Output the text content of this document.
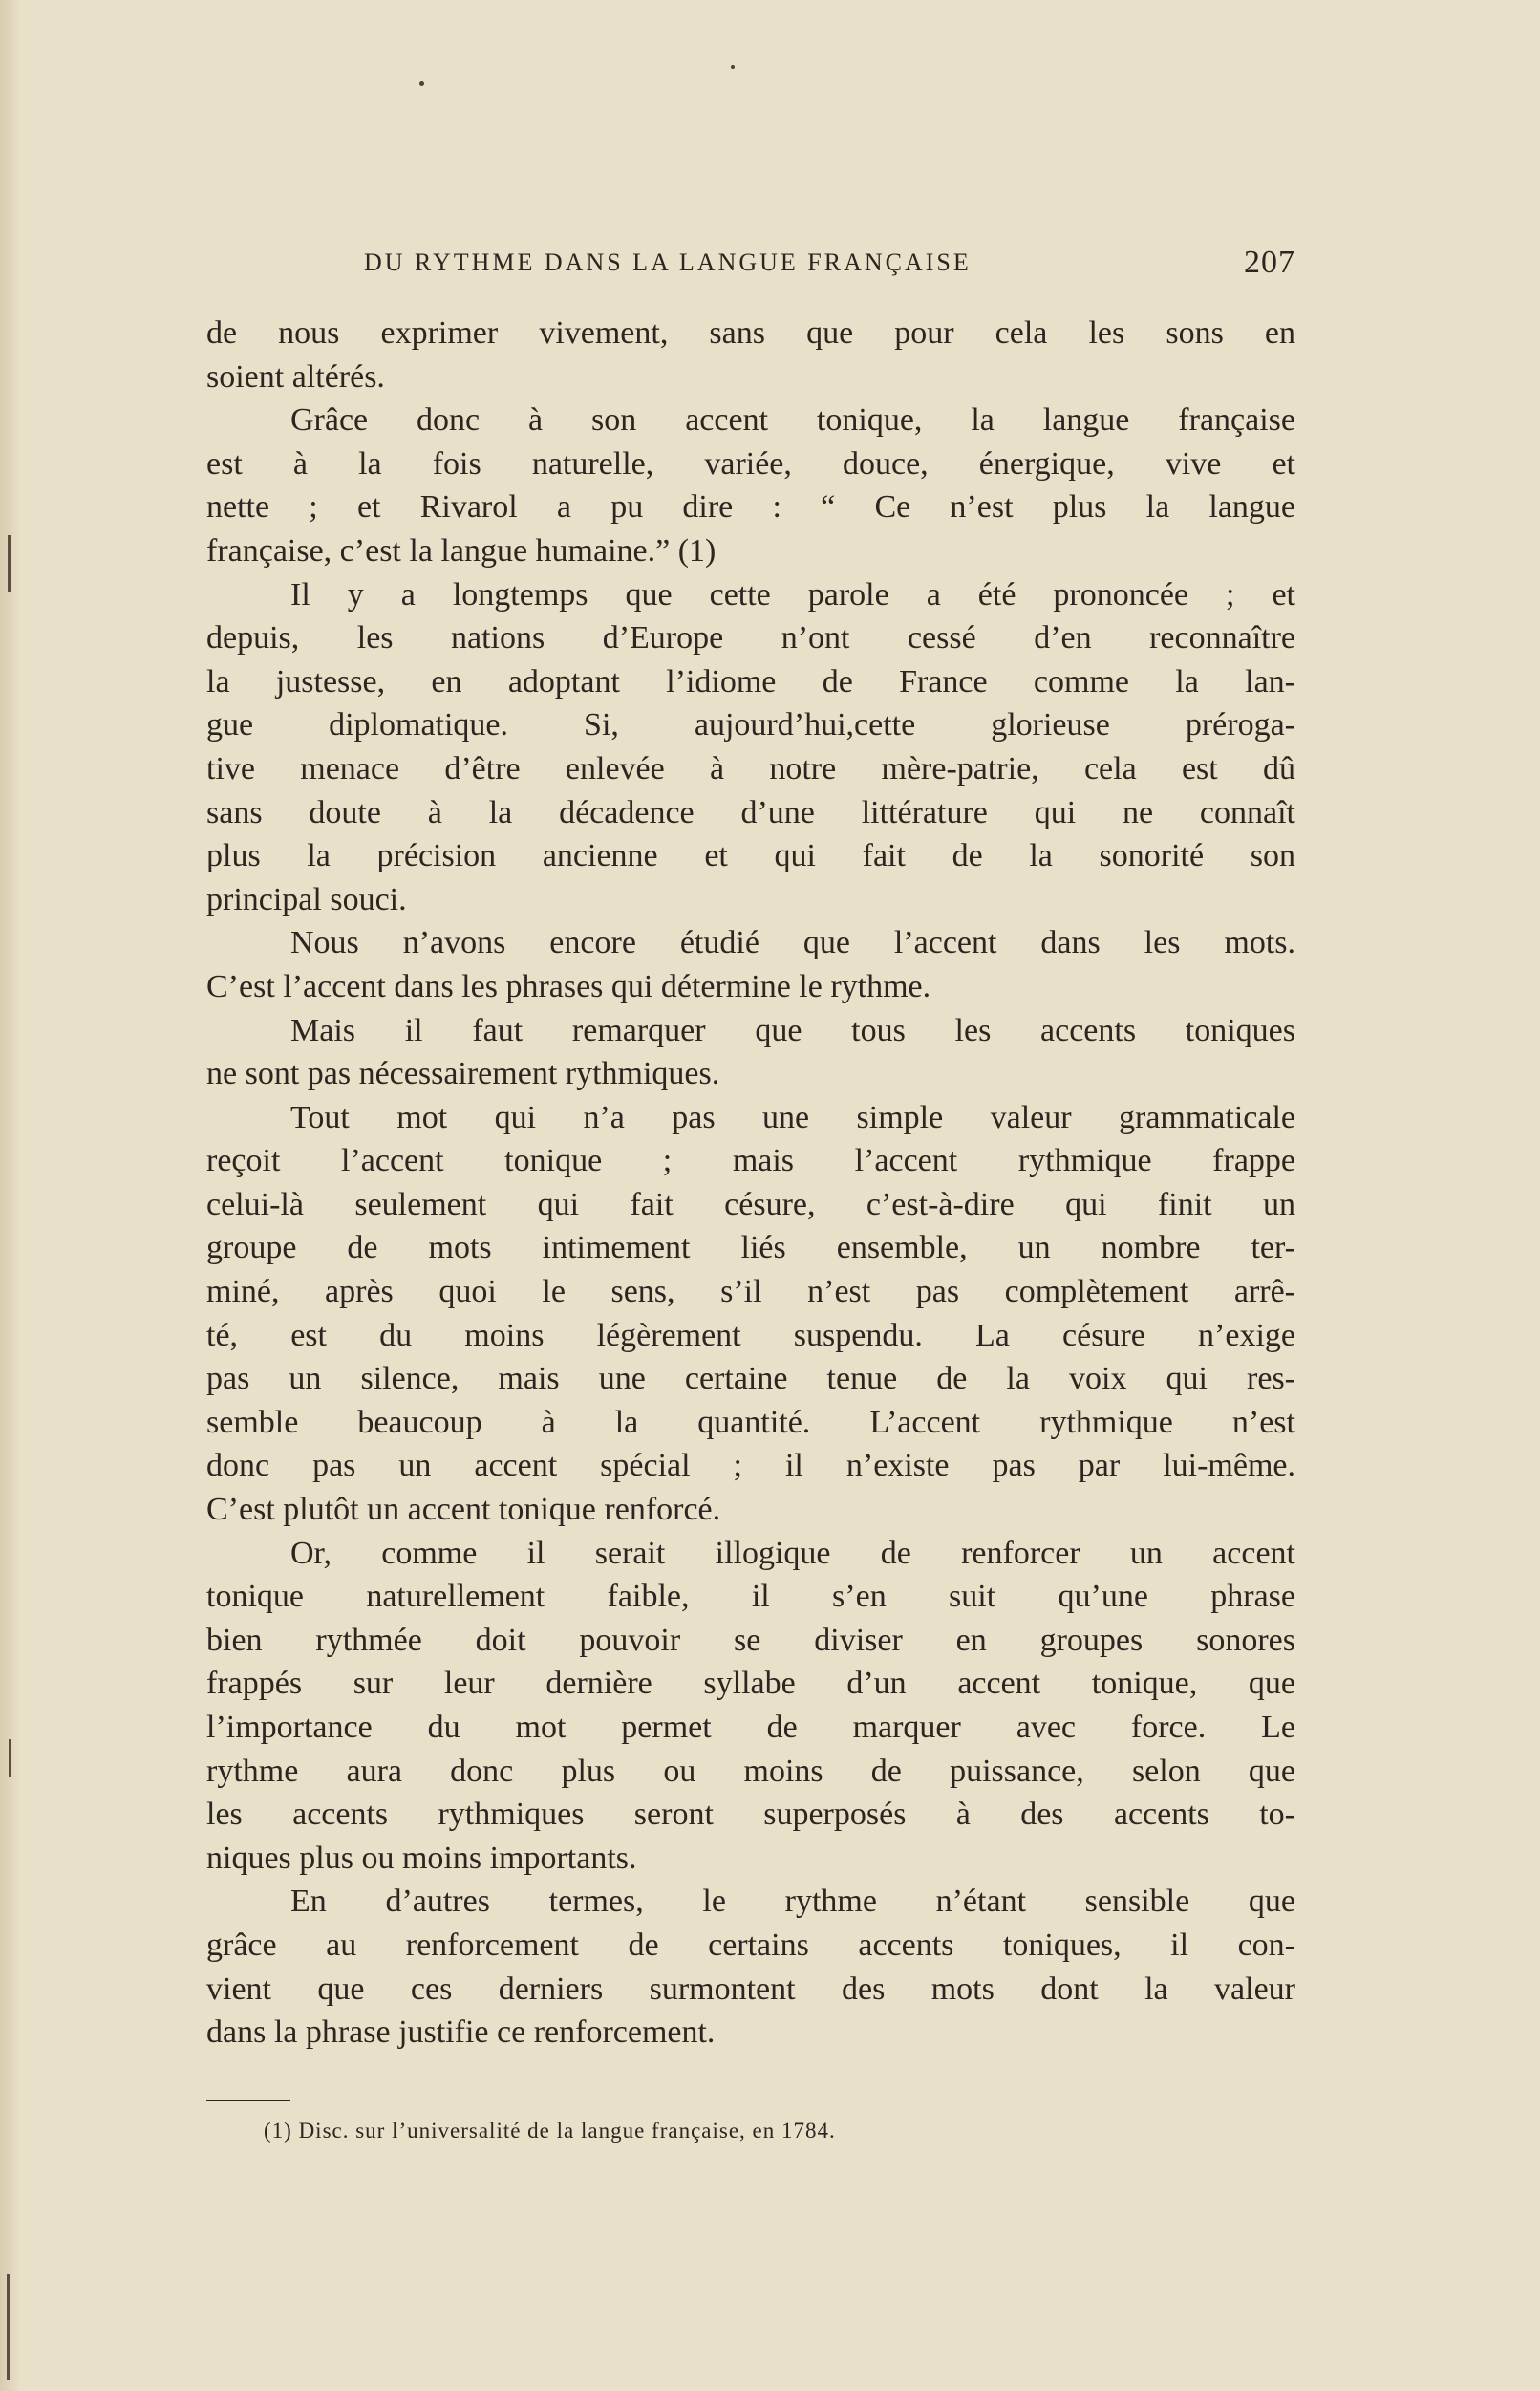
DU RYTHME DANS LA LANGUE FRANÇAISE	207
de nous exprimer vivement, sans que pour cela les sons en
soient altérés.
Grâce donc à son accent tonique, la langue française
est à la fois naturelle, variée, douce, énergique, vive et
nette ; et Rivarol a pu dire : “ Ce n’est plus la langue
française, c’est la langue humaine.” (1)
Il y a longtemps que cette parole a été prononcée ; et
depuis, les nations d’Europe n’ont cessé d’en reconnaître
la justesse, en adoptant l’idiome de France comme la lan-
gue diplomatique. Si, aujourd’hui,cette glorieuse préroga-
tive menace d’être enlevée à notre mère-patrie, cela est dû
sans doute à la décadence d’une littérature qui ne connaît
plus la précision ancienne et qui fait de la sonorité son
principal souci.
Nous n’avons encore étudié que l’accent dans les mots.
C’est l’accent dans les phrases qui détermine le rythme.
Mais il faut remarquer que tous les accents toniques
ne sont pas nécessairement rythmiques.
Tout mot qui n’a pas une simple valeur grammaticale
reçoit l’accent tonique ; mais l’accent rythmique frappe
celui-là seulement qui fait césure, c’est-à-dire qui finit un
groupe de mots intimement liés ensemble, un nombre ter-
miné, après quoi le sens, s’il n’est pas complètement arrê-
té, est du moins légèrement suspendu. La césure n’exige
pas un silence, mais une certaine tenue de la voix qui res-
semble beaucoup à la quantité. L’accent rythmique n’est
donc pas un accent spécial ; il n’existe pas par lui-même.
C’est plutôt un accent tonique renforcé.
Or, comme il serait illogique de renforcer un accent
tonique naturellement faible, il s’en suit qu’une phrase
bien rythmée doit pouvoir se diviser en groupes sonores
frappés sur leur dernière syllabe d’un accent tonique, que
l’importance du mot permet de marquer avec force. Le
rythme aura donc plus ou moins de puissance, selon que
les accents rythmiques seront superposés à des accents to-
niques plus ou moins importants.
En d’autres termes, le rythme n’étant sensible que
grâce au renforcement de certains accents toniques, il con-
vient que ces derniers surmontent des mots dont la valeur
dans la phrase justifie ce renforcement.
(1) Disc. sur l’universalité de la langue française, en 1784.
